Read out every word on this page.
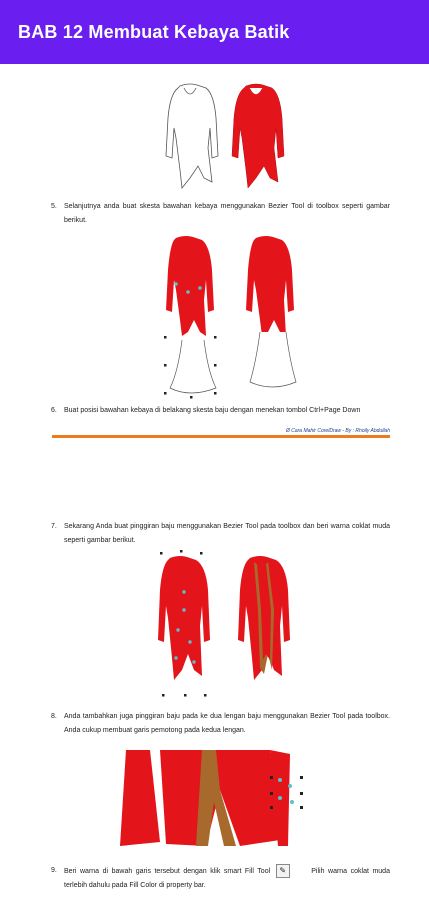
BAB 12 Membuat Kebaya Batik
5. Selanjutnya anda buat skesta bawahan kebaya menggunakan Bezier Tool di toolbox seperti gambar berikut.
6. Buat posisi bawahan kebaya di belakang skesta baju dengan menekan tombol Ctrl+Page Down
Ø Cara Mahir CorelDraw - By : Rhoily Abdullah
7. Sekarang Anda buat pinggiran baju menggunakan Bezier Tool pada toolbox dan beri warna coklat muda seperti gambar berikut.
8. Anda tambahkan juga pinggiran baju pada ke dua lengan baju menggunakan Bezier Tool pada toolbox. Anda cukup membuat garis pemotong pada kedua lengan.
9. Beri warna di bawah garis tersebut dengan klik smart Fill Tool ✎	Pilih warna coklat muda terlebih dahulu pada Fill Color di property bar.
